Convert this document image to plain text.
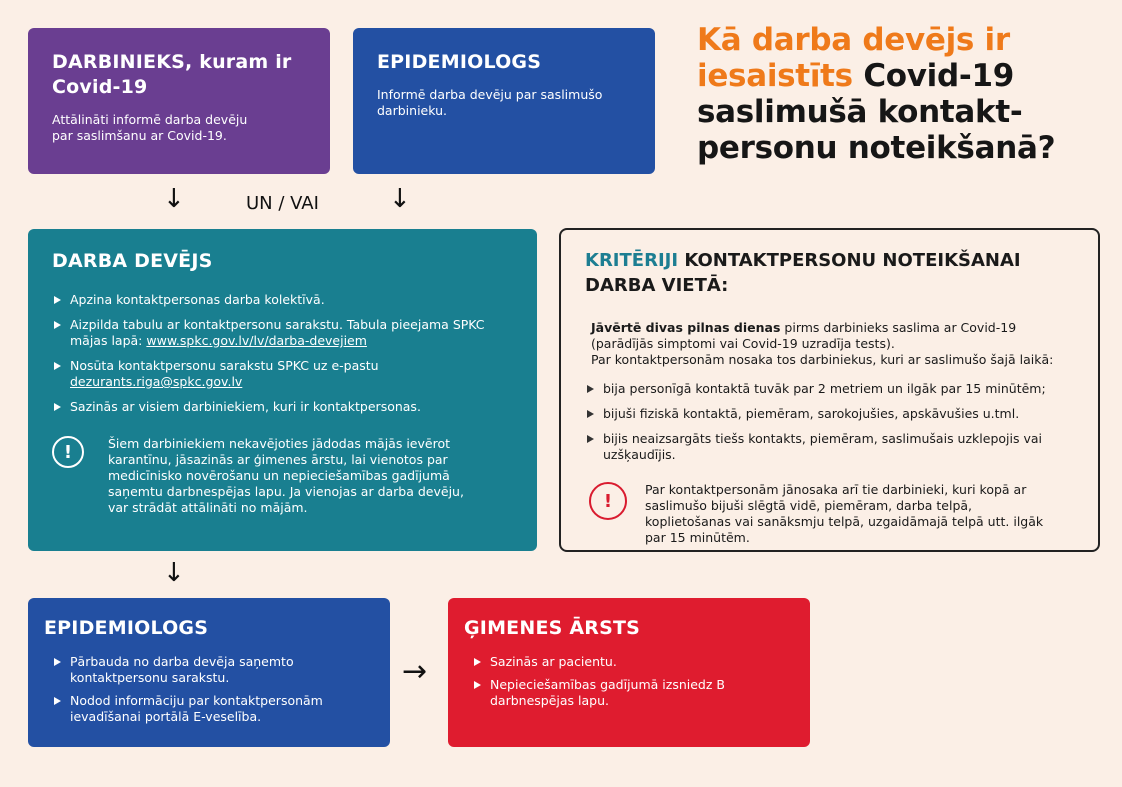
DARBINIEKS, kuram ir Covid-19

Attālināti informē darba devēju par saslimšanu ar Covid-19.

EPIDEMIOLOGS

Informē darba devēju par saslimušo darbinieku.

Kā darba devējs ir iesaistīts Covid-19 saslimušā kontakt-personu noteikšanā?
↓	UN / VAI	↓
DARBA DEVĒJS
Apzina kontaktpersonas darba kolektīvā.
Aizpilda tabulu ar kontaktpersonu sarakstu. Tabula pieejama SPKC mājas lapā: www.spkc.gov.lv/lv/darba-devejiem
Nosūta kontaktpersonu sarakstu SPKC uz e-pastu
dezurants.riga@spkc.gov.lv
Sazinās ar visiem darbiniekiem, kuri ir kontaktpersonas.
!	Šiem darbiniekiem nekavējoties jādodas mājās ievērot karantīnu, jāsazinās ar ģimenes ārstu, lai vienotos par medicīnisko novērošanu un nepieciešamības gadījumā saņemtu darbnespējas lapu. Ja vienojas ar darba devēju, var strādāt attālināti no mājām.

KRITĒRIJI KONTAKTPERSONU NOTEIKŠANAI DARBA VIETĀ:
Jāvērtē divas pilnas dienas pirms darbinieks saslima ar Covid-19 (parādījās simptomi vai Covid-19 uzradīja tests).
Par kontaktpersonām nosaka tos darbiniekus, kuri ar saslimušo šajā laikā:
bija personīgā kontaktā tuvāk par 2 metriem un ilgāk par 15 minūtēm;
bijuši fiziskā kontaktā, piemēram, sarokojušies, apskāvušies u.tml.
bijis neaizsargāts tiešs kontakts, piemēram, saslimušais uzklepojis vai uzšķaudījis.
!

Par kontaktpersonām jānosaka arī tie darbinieki, kuri kopā ar saslimušo bijuši slēgtā vidē, piemēram, darba telpā, koplietošanas vai sanāksmju telpā, uzgaidāmajā telpā utt. ilgāk par 15 minūtēm.

↓
EPIDEMIOLOGS
Pārbauda no darba devēja saņemto kontaktpersonu sarakstu.
Nodod informāciju par kontaktpersonām ievadīšanai portālā E-veselība.
→
ĢIMENES ĀRSTS
Sazinās ar pacientu.
Nepieciešamības gadījumā izsniedz B darbnespējas lapu.
